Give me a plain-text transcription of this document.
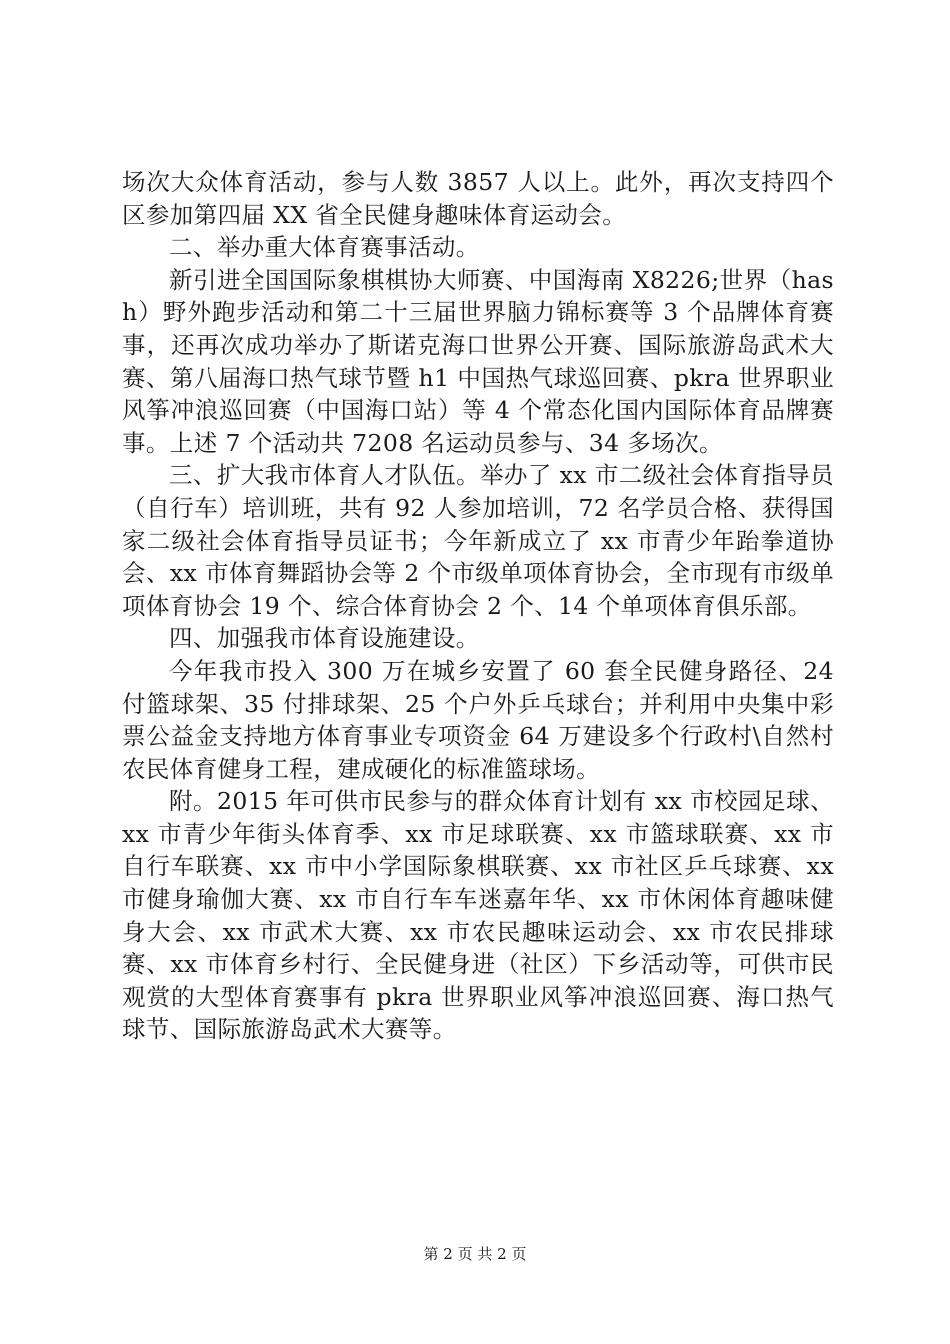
场次大众体育活动，参与人数 3857 人以上。此外，再次支持四个区参加第四届 XX 省全民健身趣味体育运动会。

二、举办重大体育赛事活动。

新引进全国国际象棋棋协大师赛、中国海南 X8226;世界（hash）野外跑步活动和第二十三届世界脑力锦标赛等 3 个品牌体育赛事，还再次成功举办了斯诺克海口世界公开赛、国际旅游岛武术大赛、第八届海口热气球节暨 h1 中国热气球巡回赛、pkra 世界职业风筝冲浪巡回赛（中国海口站）等 4 个常态化国内国际体育品牌赛事。上述 7 个活动共 7208 名运动员参与、34 多场次。

三、扩大我市体育人才队伍。举办了 xx 市二级社会体育指导员（自行车）培训班，共有 92 人参加培训，72 名学员合格、获得国家二级社会体育指导员证书；今年新成立了 xx 市青少年跆拳道协会、xx 市体育舞蹈协会等 2 个市级单项体育协会，全市现有市级单项体育协会 19 个、综合体育协会 2 个、14 个单项体育俱乐部。

四、加强我市体育设施建设。

今年我市投入 300 万在城乡安置了 60 套全民健身路径、24 付篮球架、35 付排球架、25 个户外乒乓球台；并利用中央集中彩票公益金支持地方体育事业专项资金 64 万建设多个行政村\自然村农民体育健身工程，建成硬化的标准篮球场。

附。2015 年可供市民参与的群众体育计划有 xx 市校园足球、xx 市青少年街头体育季、xx 市足球联赛、xx 市篮球联赛、xx 市自行车联赛、xx 市中小学国际象棋联赛、xx 市社区乒乓球赛、xx 市健身瑜伽大赛、xx 市自行车车迷嘉年华、xx 市休闲体育趣味健身大会、xx 市武术大赛、xx 市农民趣味运动会、xx 市农民排球赛、xx 市体育乡村行、全民健身进（社区）下乡活动等，可供市民观赏的大型体育赛事有 pkra 世界职业风筝冲浪巡回赛、海口热气球节、国际旅游岛武术大赛等。

第 2 页 共 2 页
